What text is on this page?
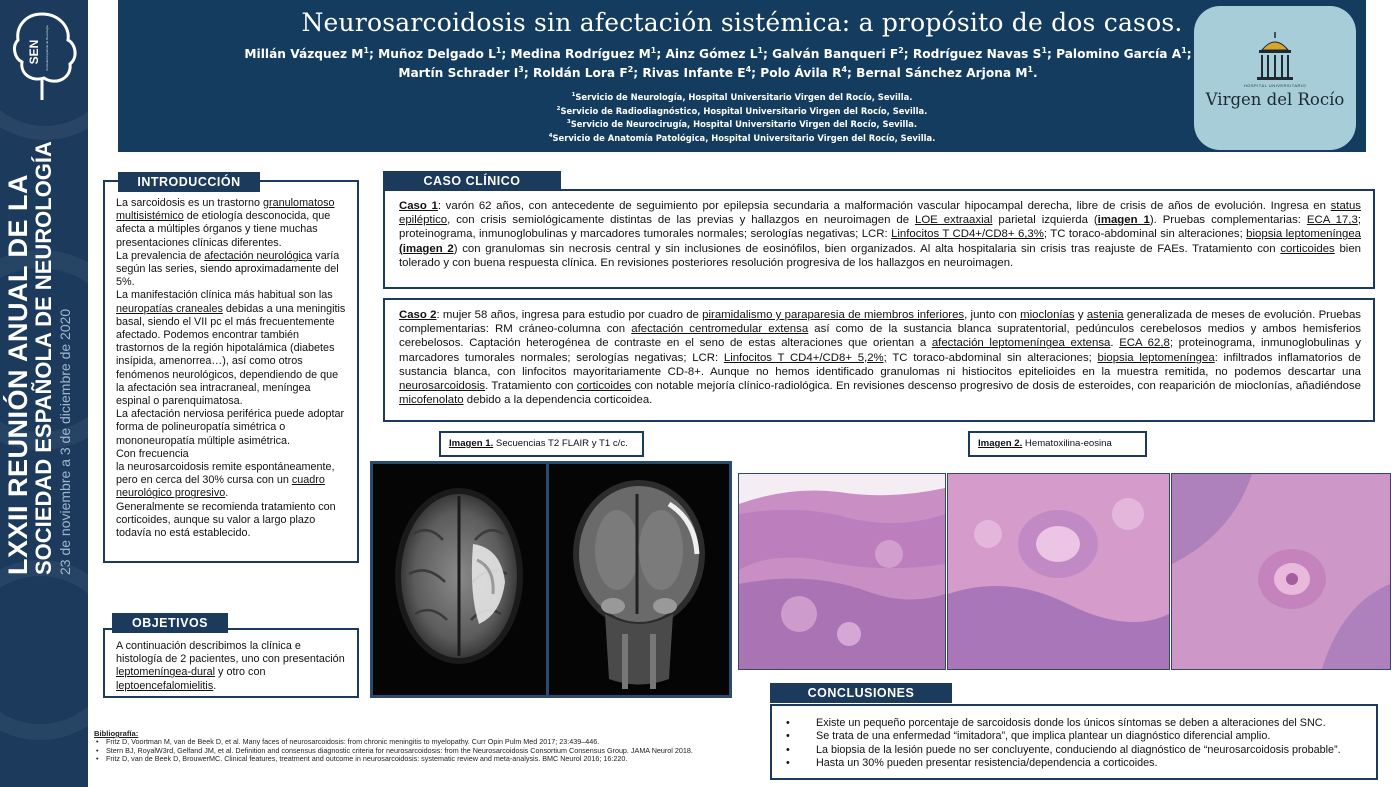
SEN Sociedad Española de Neurología
LXXII REUNIÓN ANUAL DE LA
SOCIEDAD ESPAÑOLA DE NEUROLOGÍA 23 de noviembre a 3 de diciembre de 2020
Neurosarcoidosis sin afectación sistémica: a propósito de dos casos.
Millán Vázquez $M^1$; Muñoz Delgado $L^1$; Medina Rodríguez $M^1$; Ainz Gómez $L^1$; Galván Banqueri $F^2$; Rodríguez Navas $S^1$; Palomino García $A^1$;
Martín Schrader $I^3$; Roldán Lora $F^2$; Rivas Infante $E^4$; Polo Ávila $R^4$; Bernal Sánchez Arjona $M^1$.
$^1$Servicio de Neurología, Hospital Universitario Virgen del Rocío, Sevilla.
$^2$Servicio de Radiodiagnóstico, Hospital Universitario Virgen del Rocío, Sevilla.
$^3$Servicio de Neurocirugía, Hospital Universitario Virgen del Rocío, Sevilla.
$^4$Servicio de Anatomía Patológica, Hospital Universitario Virgen del Rocío, Sevilla.
HOSPITAL UNIVERSITARIO
Virgen del Rocío
La sarcoidosis es un trastorno granulomatoso multisistémico de etiología desconocida, que afecta a múltiples órganos y tiene muchas presentaciones clínicas diferentes.
La prevalencia de afectación neurológica varía según las series, siendo aproximadamente del 5%.
La manifestación clínica más habitual son las neuropatías craneales debidas a una meningitis basal, siendo el VII pc el más frecuentemente afectado. Podemos encontrar también trastornos de la región hipotalámica (diabetes insípida, amenorrea…), así como otros fenómenos neurológicos, dependiendo de que la afectación sea intracraneal, meníngea espinal o parenquimatosa.
La afectación nerviosa periférica puede adoptar forma de polineuropatía simétrica o mononeuropatía múltiple asimétrica.
Con frecuencia
la neurosarcoidosis remite espontáneamente, pero en cerca del 30% cursa con un cuadro neurológico progresivo.
Generalmente se recomienda tratamiento con corticoides, aunque su valor a largo plazo todavía no está establecido.
INTRODUCCIÓN
A continuación describimos la clínica e histología de 2 pacientes, uno con presentación leptomeníngea-dural y otro con leptoencefalomielitis.
OBJETIVOS
Caso 1: varón 62 años, con antecedente de seguimiento por epilepsia secundaria a malformación vascular hipocampal derecha, libre de crisis de años de evolución. Ingresa en status epiléptico, con crisis semiológicamente distintas de las previas y hallazgos en neuroimagen de LOE extraaxial parietal izquierda (imagen 1). Pruebas complementarias: ECA 17,3; proteinograma, inmunoglobulinas y marcadores tumorales normales; serologías negativas; LCR: Linfocitos T CD4+/CD8+ 6,3%; TC toraco-abdominal sin alteraciones; biopsia leptomeníngea (imagen 2) con granulomas sin necrosis central y sin inclusiones de eosinófilos, bien organizados. Al alta hospitalaria sin crisis tras reajuste de FAEs. Tratamiento con corticoides bien tolerado y con buena respuesta clínica. En revisiones posteriores resolución progresiva de los hallazgos en neuroimagen.
CASO CLÍNICO
Caso 2: mujer 58 años, ingresa para estudio por cuadro de piramidalismo y paraparesia de miembros inferiores, junto con mioclonías y astenia generalizada de meses de evolución. Pruebas complementarias: RM cráneo-columna con afectación centromedular extensa así como de la sustancia blanca supratentorial, pedúnculos cerebelosos medios y ambos hemisferios cerebelosos. Captación heterogénea de contraste en el seno de estas alteraciones que orientan a afectación leptomeníngea extensa. ECA 62,8; proteinograma, inmunoglobulinas y marcadores tumorales normales; serologías negativas; LCR: Linfocitos T CD4+/CD8+ 5,2%; TC toraco-abdominal sin alteraciones; biopsia leptomeníngea: infiltrados inflamatorios de sustancia blanca, con linfocitos mayoritariamente CD-8+. Aunque no hemos identificado granulomas ni histiocitos epitelioides en la muestra remitida, no podemos descartar una neurosarcoidosis. Tratamiento con corticoides con notable mejoría clínico-radiológica. En revisiones descenso progresivo de dosis de esteroides, con reaparición de mioclonías, añadiéndose micofenolato debido a la dependencia corticoidea.
Imagen 1. Secuencias T2 FLAIR y T1 c/c.	Imagen 2. Hematoxilina-eosina
• Existe un pequeño porcentaje de sarcoidosis donde los únicos síntomas se deben a alteraciones del SNC.
• Se trata de una enfermedad “imitadora”, que implica plantear un diagnóstico diferencial amplio.
• La biopsia de la lesión puede no ser concluyente, conduciendo al diagnóstico de “neurosarcoidosis probable”.
• Hasta un 30% pueden presentar resistencia/dependencia a corticoides.
CONCLUSIONES
Bibliografía:
• Fritz D, Voortman M, van de Beek D, et al. Many faces of neurosarcoidosis: from chronic meningitis to myelopathy. Curr Opin Pulm Med 2017; 23:439–446.
• Stern BJ, RoyalW3rd, Gelfand JM, et al. Definition and consensus diagnostic criteria for neurosarcoidosis: from the Neurosarcoidosis Consortium Consensus Group. JAMA Neurol 2018.
• Fritz D, van de Beek D, BrouwerMC. Clinical features, treatment and outcome in neurosarcoidosis: systematic review and meta-analysis. BMC Neurol 2016; 16:220.
